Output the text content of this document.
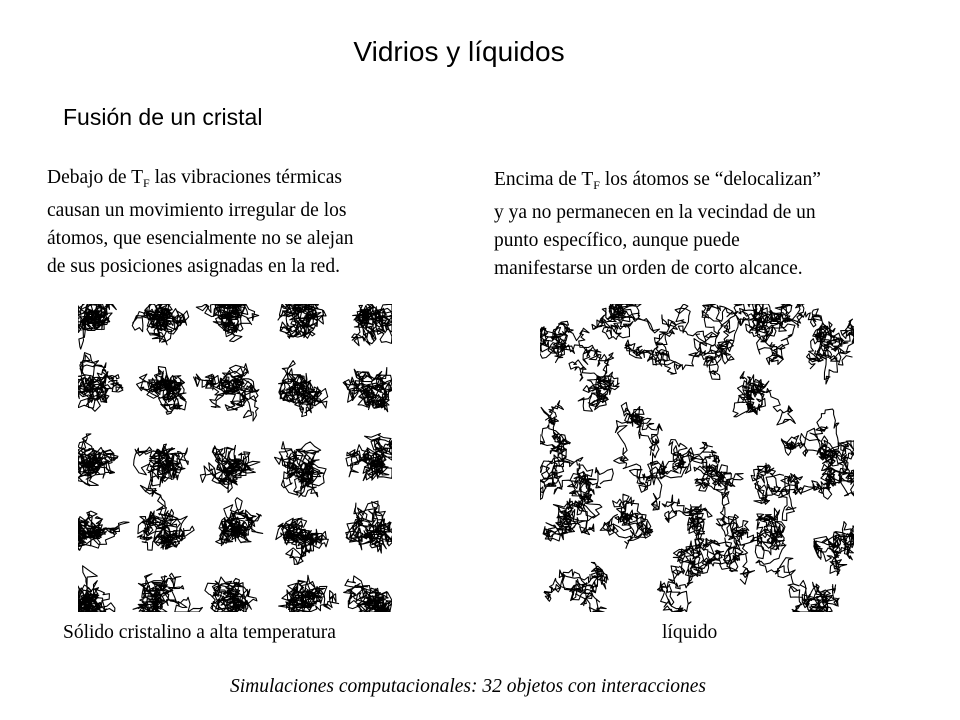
Vidrios y líquidos
Fusión de un cristal
Debajo de $T_F$ las vibraciones térmicas
causan un movimiento irregular de los
átomos, que esencialmente no se alejan
de sus posiciones asignadas en la red.
Encima de $T_F$ los átomos se “delocalizan”
y ya no permanecen en la vecindad de un
punto específico, aunque puede
manifestarse un orden de corto alcance.
Sólido cristalino a alta temperatura	líquido
Simulaciones computacionales: 32 objetos con interacciones
